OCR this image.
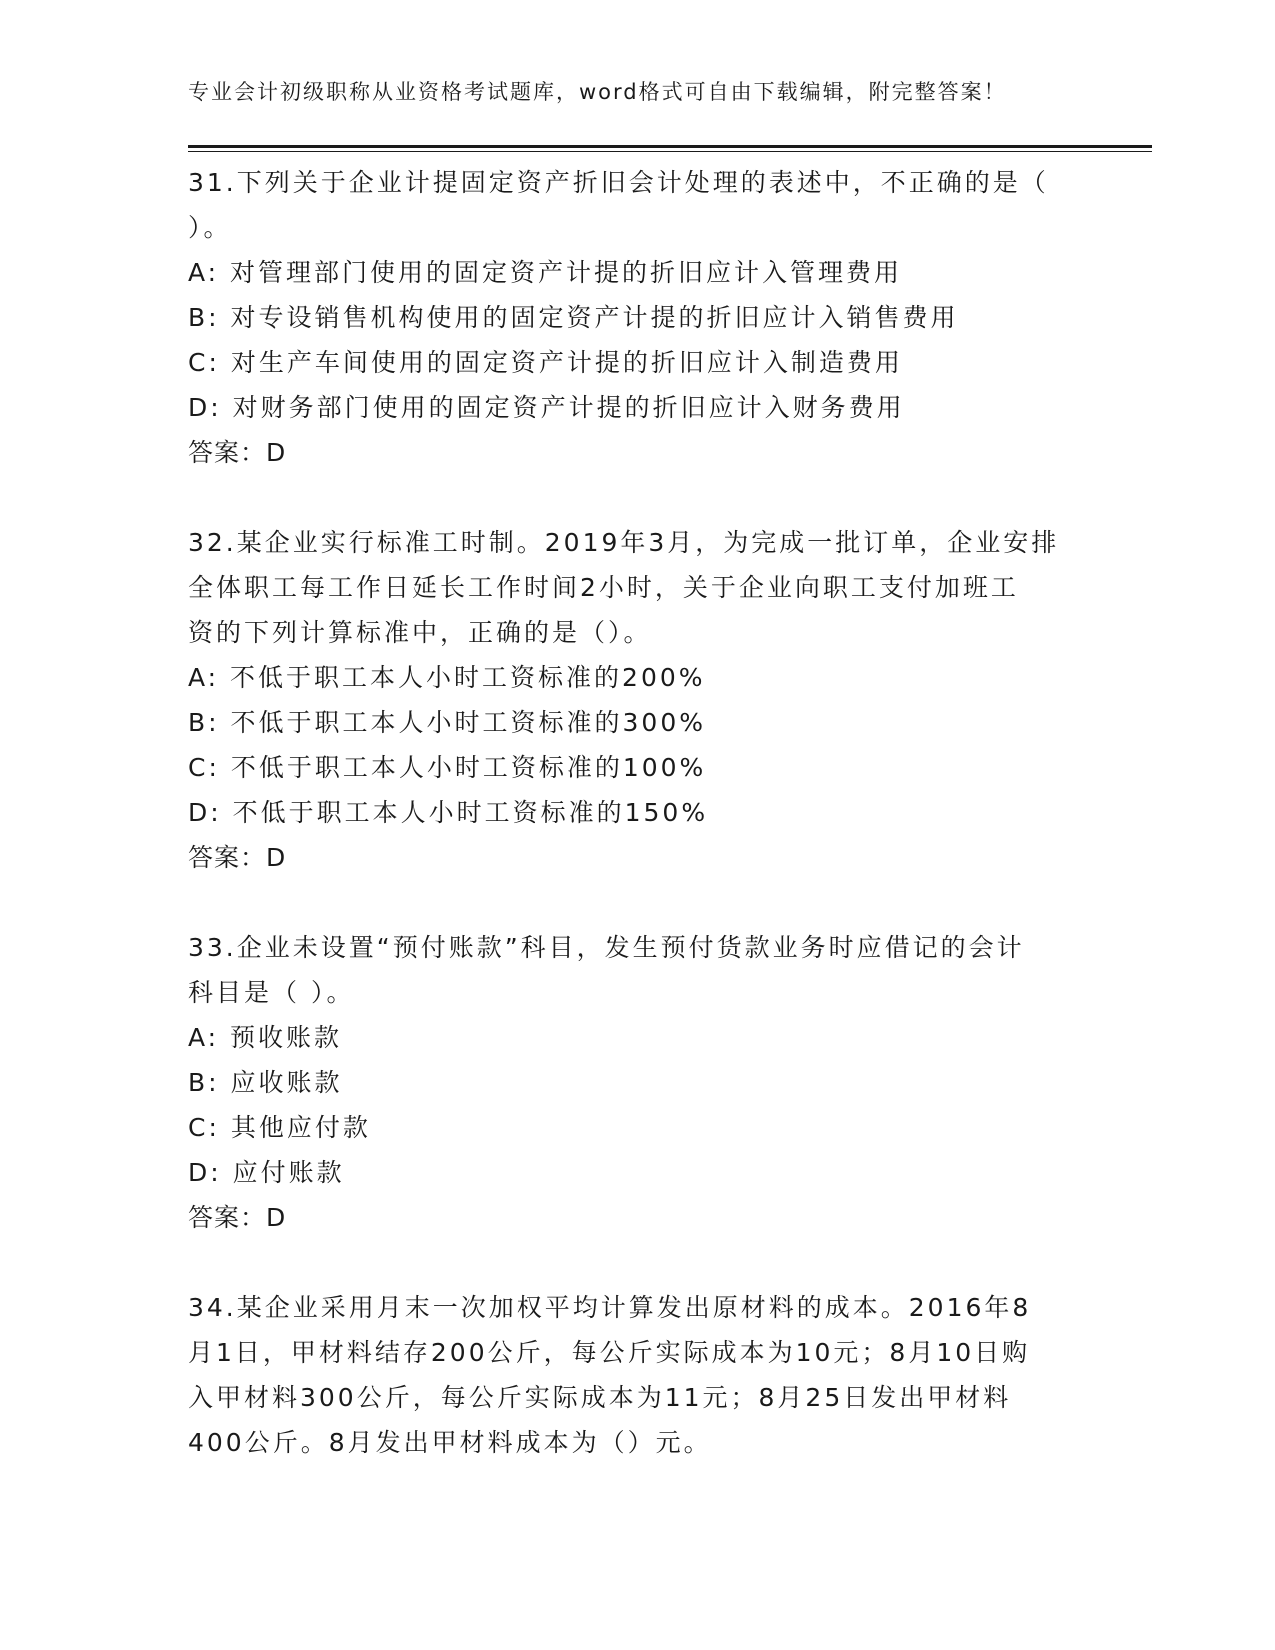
专业会计初级职称从业资格考试题库，word格式可自由下载编辑，附完整答案！
31.下列关于企业计提固定资产折旧会计处理的表述中，不正确的是（
）。
A: 对管理部门使用的固定资产计提的折旧应计入管理费用
B: 对专设销售机构使用的固定资产计提的折旧应计入销售费用
C: 对生产车间使用的固定资产计提的折旧应计入制造费用
D: 对财务部门使用的固定资产计提的折旧应计入财务费用
答案：D
32.某企业实行标准工时制。2019年3月，为完成一批订单，企业安排
全体职工每工作日延长工作时间2小时，关于企业向职工支付加班工
资的下列计算标准中，正确的是（）。
A: 不低于职工本人小时工资标准的200%
B: 不低于职工本人小时工资标准的300%
C: 不低于职工本人小时工资标准的100%
D: 不低于职工本人小时工资标准的150%
答案：D
33.企业未设置“预付账款”科目，发生预付货款业务时应借记的会计
科目是（ ）。
A: 预收账款
B: 应收账款
C: 其他应付款
D: 应付账款
答案：D
34.某企业采用月末一次加权平均计算发出原材料的成本。2016年8
月1日，甲材料结存200公斤，每公斤实际成本为10元；8月10日购
入甲材料300公斤，每公斤实际成本为11元；8月25日发出甲材料
400公斤。8月发出甲材料成本为（）元。
